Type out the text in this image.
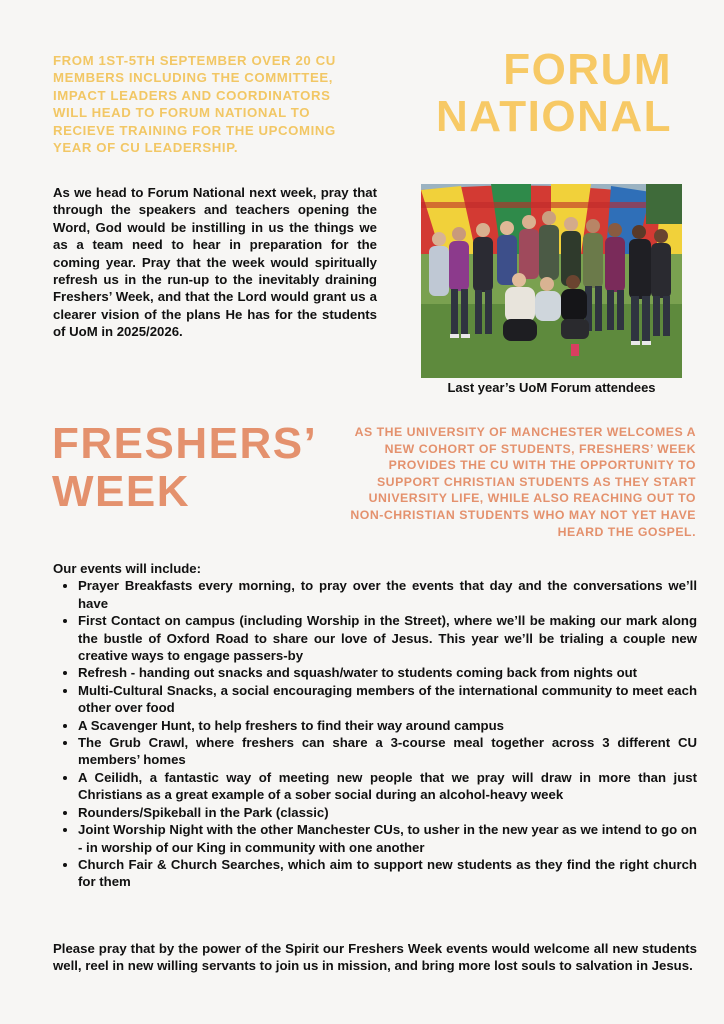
FROM 1ST-5TH SEPTEMBER OVER 20 CU MEMBERS INCLUDING THE COMMITTEE, IMPACT LEADERS AND COORDINATORS WILL HEAD TO FORUM NATIONAL TO RECIEVE TRAINING FOR THE UPCOMING YEAR OF CU LEADERSHIP.
FORUM
NATIONAL
As we head to Forum National next week, pray that through the speakers and teachers opening the Word, God would be instilling in us the things we as a team need to hear in preparation for the coming year. Pray that the week would spiritually refresh us in the run-up to the inevitably draining Freshers’ Week, and that the Lord would grant us a clearer vision of the plans He has for the students of UoM in 2025/2026.
Last year’s UoM Forum attendees
FRESHERS’
WEEK
AS THE UNIVERSITY OF MANCHESTER WELCOMES A NEW COHORT OF STUDENTS, FRESHERS’ WEEK PROVIDES THE CU WITH THE OPPORTUNITY TO SUPPORT CHRISTIAN STUDENTS AS THEY START UNIVERSITY LIFE, WHILE ALSO REACHING OUT TO NON-CHRISTIAN STUDENTS WHO MAY NOT YET HAVE HEARD THE GOSPEL.
Our events will include:
• Prayer Breakfasts every morning, to pray over the events that day and the conversations we’ll have
• First Contact on campus (including Worship in the Street), where we’ll be making our mark along the bustle of Oxford Road to share our love of Jesus. This year we’ll be trialing a couple new creative ways to engage passers-by
• Refresh - handing out snacks and squash/water to students coming back from nights out
• Multi-Cultural Snacks, a social encouraging members of the international community to meet each other over food
• A Scavenger Hunt, to help freshers to find their way around campus
• The Grub Crawl, where freshers can share a 3-course meal together across 3 different CU members’ homes
• A Ceilidh, a fantastic way of meeting new people that we pray will draw in more than just Christians as a great example of a sober social during an alcohol-heavy week
• Rounders/Spikeball in the Park (classic)
• Joint Worship Night with the other Manchester CUs, to usher in the new year as we intend to go on - in worship of our King in community with one another
• Church Fair & Church Searches, which aim to support new students as they find the right church for them
Please pray that by the power of the Spirit our Freshers Week events would welcome all new students well, reel in new willing servants to join us in mission, and bring more lost souls to salvation in Jesus.
